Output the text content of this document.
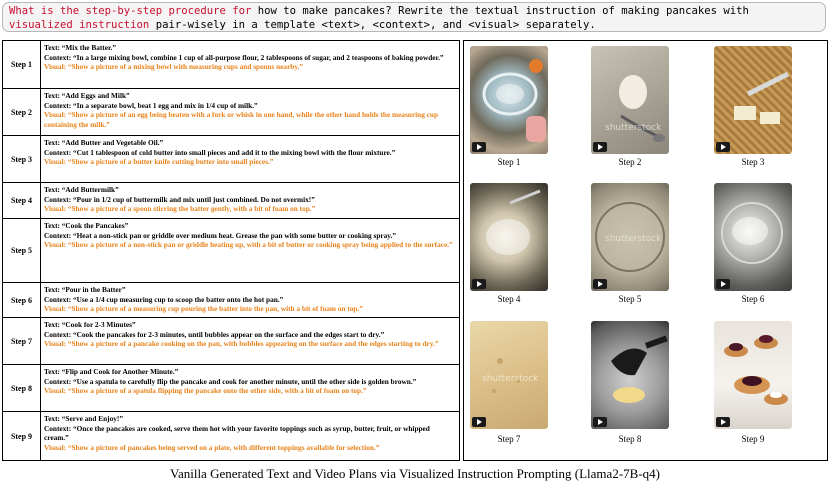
What is the step-by-step procedure for how to make pancakes? Rewrite the textual instruction of making pancakes with
visualized instruction pair-wisely in a template <text>, <context>, and <visual> separately.
Step 1
Text: “Mix the Batter.”
Context: “In a large mixing bowl, combine 1 cup of all-purpose flour, 2 tablespoons of sugar, and 2 teaspoons of baking powder.”
Visual: “Show a picture of a mixing bowl with measuring cups and spoons nearby.”
Step 2
Text: “Add Eggs and Milk”
Context: “In a separate bowl, beat 1 egg and mix in 1/4 cup of milk.”
Visual: “Show a picture of an egg being beaten with a fork or whisk in one hand, while the other hand holds the measuring cup containing the milk.”
Step 3
Text: “Add Butter and Vegetable Oil.”
Context: “Cut 1 tablespoon of cold butter into small pieces and add it to the mixing bowl with the flour mixture.”
Visual: “Show a picture of a butter knife cutting butter into small pieces.”
Step 4
Text: “Add Buttermilk”
Context: “Pour in 1/2 cup of buttermilk and mix until just combined. Do not overmix!”
Visual: “Show a picture of a spoon stirring the batter gently, with a bit of foam on top.”
Step 5
Text: “Cook the Pancakes”
Context: “Heat a non-stick pan or griddle over medium heat. Grease the pan with some butter or cooking spray.”
Visual: “Show a picture of a non-stick pan or griddle heating up, with a bit of butter or cooking spray being applied to the surface.”
Step 6
Text: “Pour in the Batter”
Context: “Use a 1/4 cup measuring cup to scoop the batter onto the hot pan.”
Visual: “Show a picture of a measuring cup pouring the batter into the pan, with a bit of foam on top.”
Step 7
Text: “Cook for 2-3 Minutes”
Context: “Cook the pancakes for 2-3 minutes, until bubbles appear on the surface and the edges start to dry.”
Visual: “Show a picture of a pancake cooking on the pan, with bubbles appearing on the surface and the edges starting to dry.”
Step 8
Text: “Flip and Cook for Another Minute.”
Context: “Use a spatula to carefully flip the pancake and cook for another minute, until the other side is golden brown.”
Visual: “Show a picture of a spatula flipping the pancake onto the other side, with a bit of foam on top.”
Step 9
Text: “Serve and Enjoy!”
Context: “Once the pancakes are cooked, serve them hot with your favorite toppings such as syrup, butter, fruit, or whipped cream.”
Visual: “Show a picture of pancakes being served on a plate, with different toppings available for selection.”
Step 1
shutterstock
Step 2	Step 3
Step 4
shutterstock
Step 5	Step 6
shutterstock
Step 7	Step 8	Step 9
Vanilla Generated Text and Video Plans via Visualized Instruction Prompting (Llama2-7B-q4)
